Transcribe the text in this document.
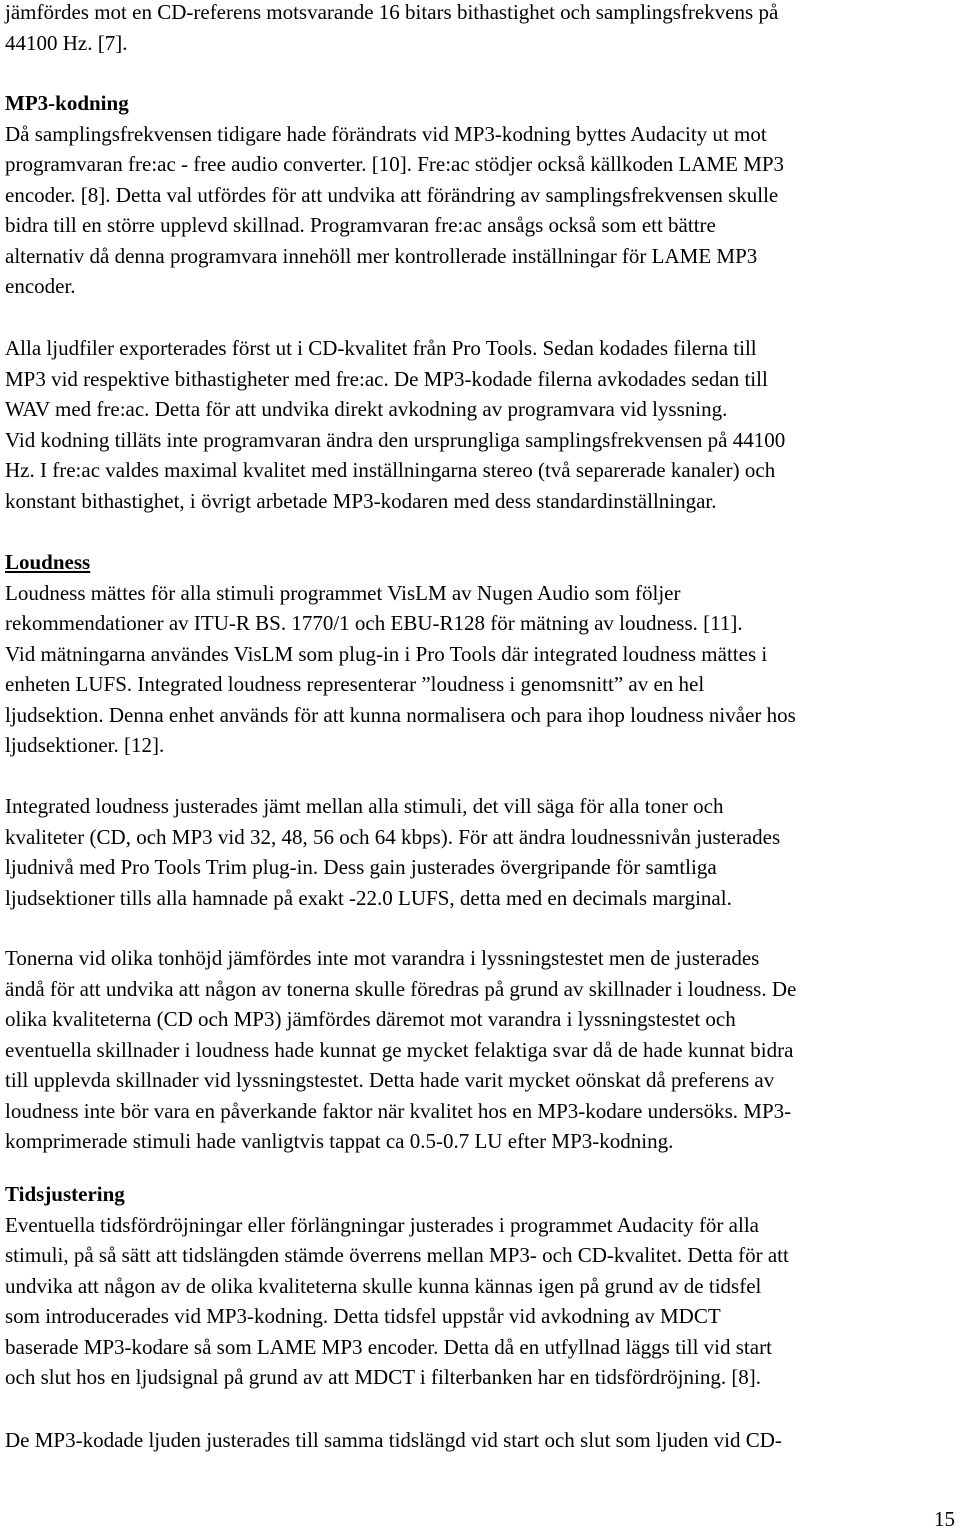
jämfördes mot en CD-referens motsvarande 16 bitars bithastighet och samplingsfrekvens på

44100 Hz. [7].

MP3-kodning

Då samplingsfrekvensen tidigare hade förändrats vid MP3-kodning byttes Audacity ut mot

programvaran fre:ac - free audio converter. [10]. Fre:ac stödjer också källkoden LAME MP3

encoder. [8]. Detta val utfördes för att undvika att förändring av samplingsfrekvensen skulle

bidra till en större upplevd skillnad. Programvaran fre:ac ansågs också som ett bättre

alternativ då denna programvara innehöll mer kontrollerade inställningar för LAME MP3

encoder.

Alla ljudfiler exporterades först ut i CD-kvalitet från Pro Tools. Sedan kodades filerna till

MP3 vid respektive bithastigheter med fre:ac. De MP3-kodade filerna avkodades sedan till

WAV med fre:ac. Detta för att undvika direkt avkodning av programvara vid lyssning.

Vid kodning tilläts inte programvaran ändra den ursprungliga samplingsfrekvensen på 44100

Hz. I fre:ac valdes maximal kvalitet med inställningarna stereo (två separerade kanaler) och

konstant bithastighet, i övrigt arbetade MP3-kodaren med dess standardinställningar.

Loudness

Loudness mättes för alla stimuli programmet VisLM av Nugen Audio som följer

rekommendationer av ITU-R BS. 1770/1 och EBU-R128 för mätning av loudness. [11].

Vid mätningarna användes VisLM som plug-in i Pro Tools där integrated loudness mättes i

enheten LUFS. Integrated loudness representerar ”loudness i genomsnitt” av en hel

ljudsektion. Denna enhet används för att kunna normalisera och para ihop loudness nivåer hos

ljudsektioner. [12].

Integrated loudness justerades jämt mellan alla stimuli, det vill säga för alla toner och

kvaliteter (CD, och MP3 vid 32, 48, 56 och 64 kbps). För att ändra loudnessnivån justerades

ljudnivå med Pro Tools Trim plug-in. Dess gain justerades övergripande för samtliga

ljudsektioner tills alla hamnade på exakt -22.0 LUFS, detta med en decimals marginal.

Tonerna vid olika tonhöjd jämfördes inte mot varandra i lyssningstestet men de justerades

ändå för att undvika att någon av tonerna skulle föredras på grund av skillnader i loudness. De

olika kvaliteterna (CD och MP3) jämfördes däremot mot varandra i lyssningstestet och

eventuella skillnader i loudness hade kunnat ge mycket felaktiga svar då de hade kunnat bidra

till upplevda skillnader vid lyssningstestet. Detta hade varit mycket oönskat då preferens av

loudness inte bör vara en påverkande faktor när kvalitet hos en MP3-kodare undersöks. MP3-

komprimerade stimuli hade vanligtvis tappat ca 0.5-0.7 LU efter MP3-kodning.

Tidsjustering

Eventuella tidsfördröjningar eller förlängningar justerades i programmet Audacity för alla

stimuli, på så sätt att tidslängden stämde överrens mellan MP3- och CD-kvalitet. Detta för att

undvika att någon av de olika kvaliteterna skulle kunna kännas igen på grund av de tidsfel

som introducerades vid MP3-kodning. Detta tidsfel uppstår vid avkodning av MDCT

baserade MP3-kodare så som LAME MP3 encoder. Detta då en utfyllnad läggs till vid start

och slut hos en ljudsignal på grund av att MDCT i filterbanken har en tidsfördröjning. [8].

De MP3-kodade ljuden justerades till samma tidslängd vid start och slut som ljuden vid CD-

15
